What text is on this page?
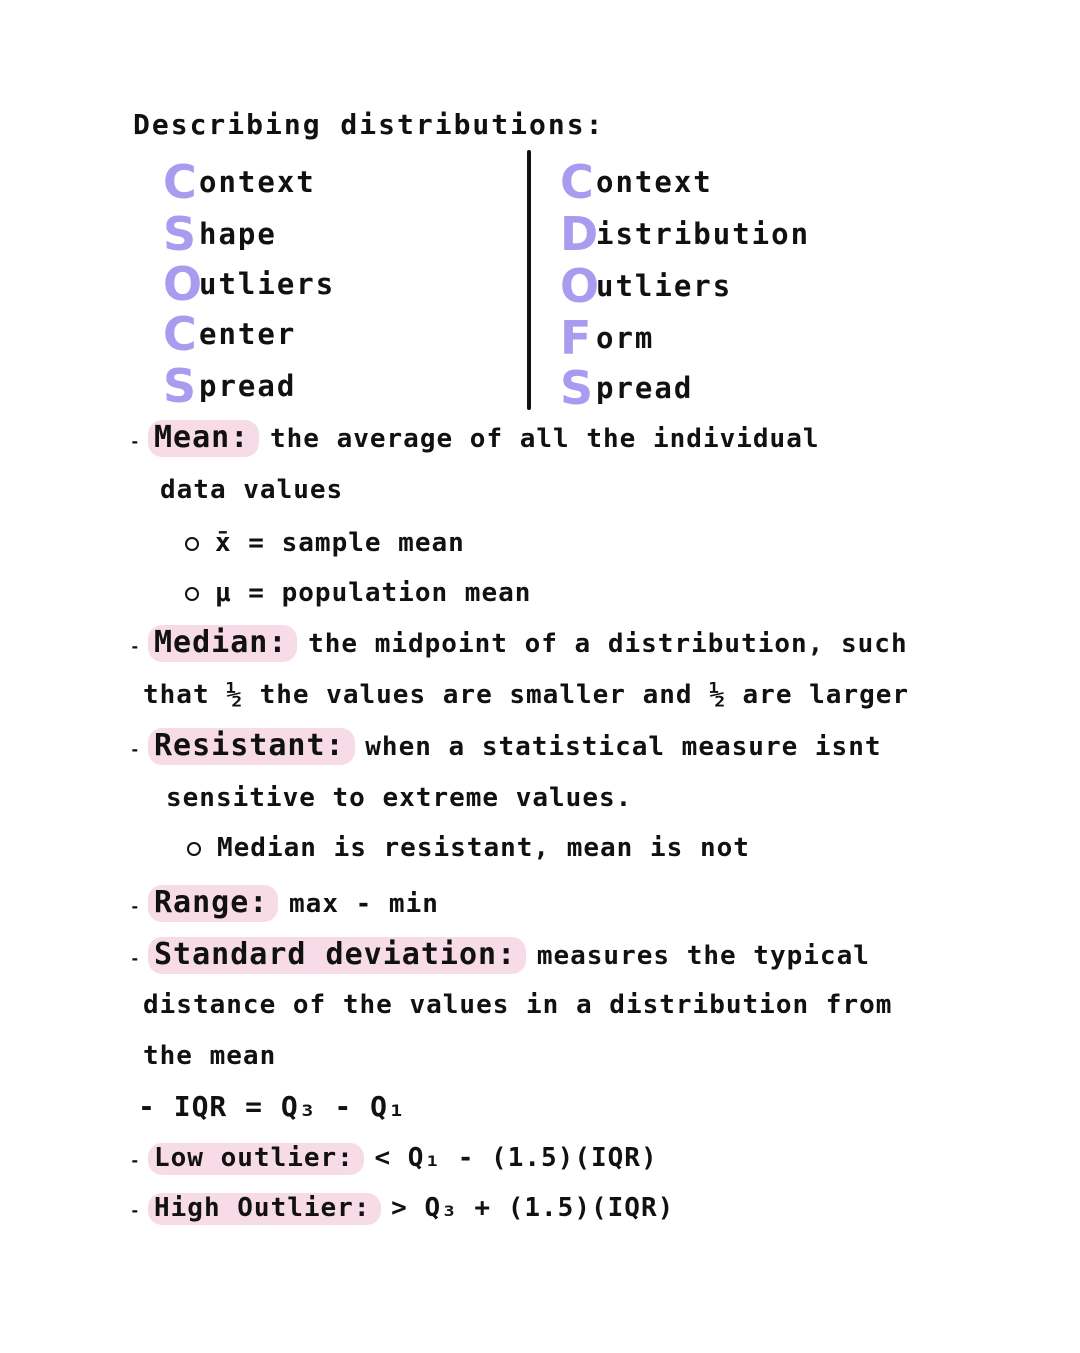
Describing distributions:
C ontext
S hape
O
utliers
C enter
S pread
C ontext
D
istribution
O
utliers
F orm
S pread
- Mean: the average of all the individual
data values
x̄ = sample mean
μ = population mean
- Median: the midpoint of a distribution, such
that ½ the values are smaller and ½ are larger
- Resistant: when a statistical measure isnt
sensitive to extreme values.
Median is resistant, mean is not
- Range: max - min
- Standard deviation: measures the typical
distance of the values in a distribution from
the mean
- IQR = Q₃ - Q₁
- Low outlier: < Q₁ - (1.5)(IQR)
- High Outlier: > Q₃ + (1.5)(IQR)
